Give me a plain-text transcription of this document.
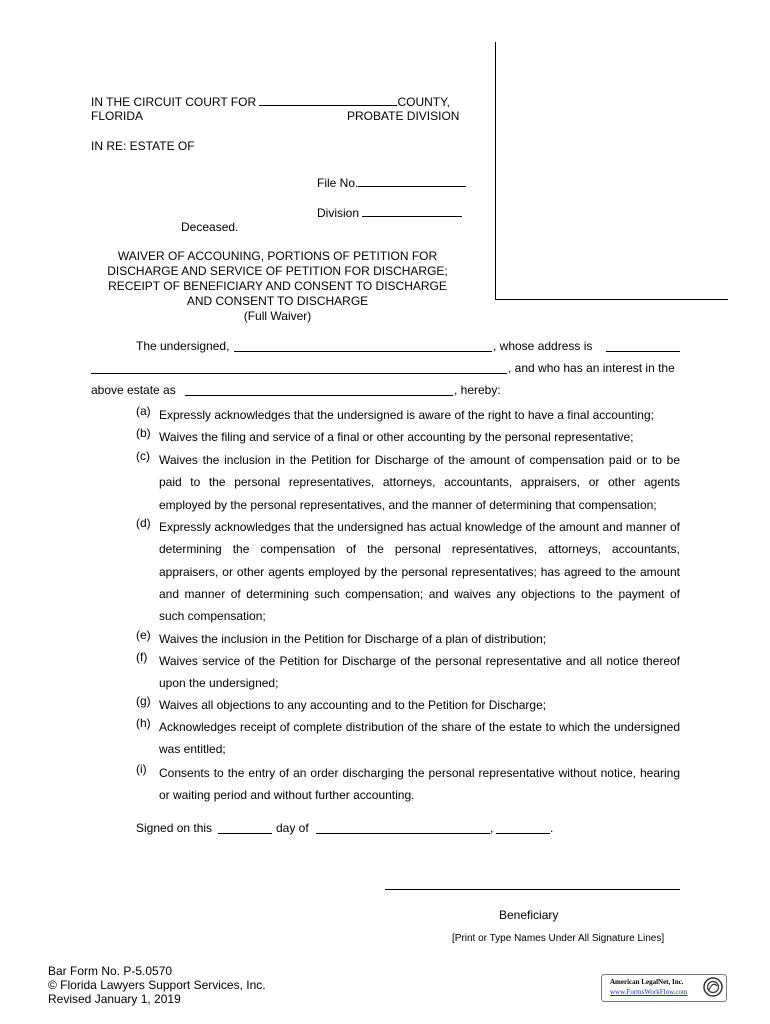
IN THE CIRCUIT COURT FOR	COUNTY,
FLORIDA	PROBATE DIVISION
IN RE: ESTATE OF
File No.
Division
Deceased.
WAIVER OF ACCOUNING, PORTIONS OF PETITION FOR
DISCHARGE AND SERVICE OF PETITION FOR DISCHARGE;
RECEIPT OF BENEFICIARY AND CONSENT TO DISCHARGE
AND CONSENT TO DISCHARGE
(Full Waiver)
The undersigned,	, whose address is
, and who has an interest in the
above estate as	, hereby:
(a) Expressly acknowledges that the undersigned is aware of the right to have a final accounting;
(b) Waives the filing and service of a final or other accounting by the personal representative;
(c) Waives the inclusion in the Petition for Discharge of the amount of compensation paid or to be paid to the personal representatives, attorneys, accountants, appraisers, or other agents employed by the personal representatives, and the manner of determining that compensation;
(d) Expressly acknowledges that the undersigned has actual knowledge of the amount and manner of determining the compensation of the personal representatives, attorneys, accountants, appraisers, or other agents employed by the personal representatives; has agreed to the amount and manner of determining such compensation; and waives any objections to the payment of such compensation;
(e) Waives the inclusion in the Petition for Discharge of a plan of distribution;
(f) Waives service of the Petition for Discharge of the personal representative and all notice thereof upon the undersigned;
(g) Waives all objections to any accounting and to the Petition for Discharge;
(h) Acknowledges receipt of complete distribution of the share of the estate to which the undersigned was entitled;
(i)	Consents to the entry of an order discharging the personal representative without notice, hearing or waiting period and without further accounting.
Signed on this	day of	,	.
Beneficiary
[Print or Type Names Under All Signature Lines]
Bar Form No. P-5.0570
© Florida Lawyers Support Services, Inc.
Revised January 1, 2019
American LegalNet, Inc.
www.FormsWorkFlow.com
